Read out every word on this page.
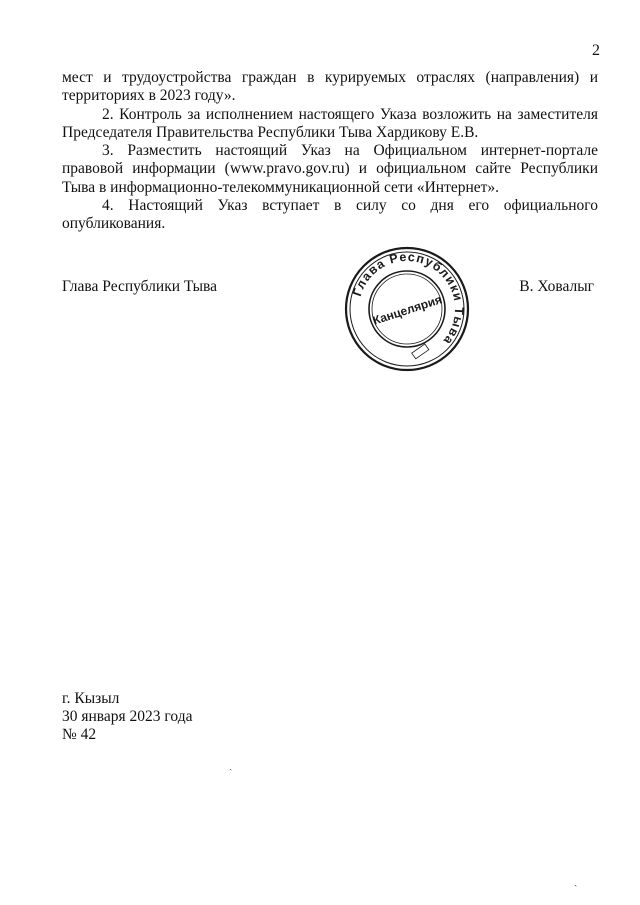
2

мест и трудоустройства граждан в курируемых отраслях (направления) и территориях в 2023 году».

2. Контроль за исполнением настоящего Указа возложить на заместителя Председателя Правительства Республики Тыва Хардикову Е.В.

3. Разместить настоящий Указ на Официальном интернет-портале правовой информации (www.pravo.gov.ru) и официальном сайте Республики Тыва в информационно-телекоммуникационной сети «Интернет».

4. Настоящий Указ вступает в силу со дня его официального опубликования.

Глава Республики Тыва	В. Ховалыг
Глава Республики Тыва
Канцелярия
г. Кызыл
30 января 2023 года
№ 42
ˏ
ˏ
